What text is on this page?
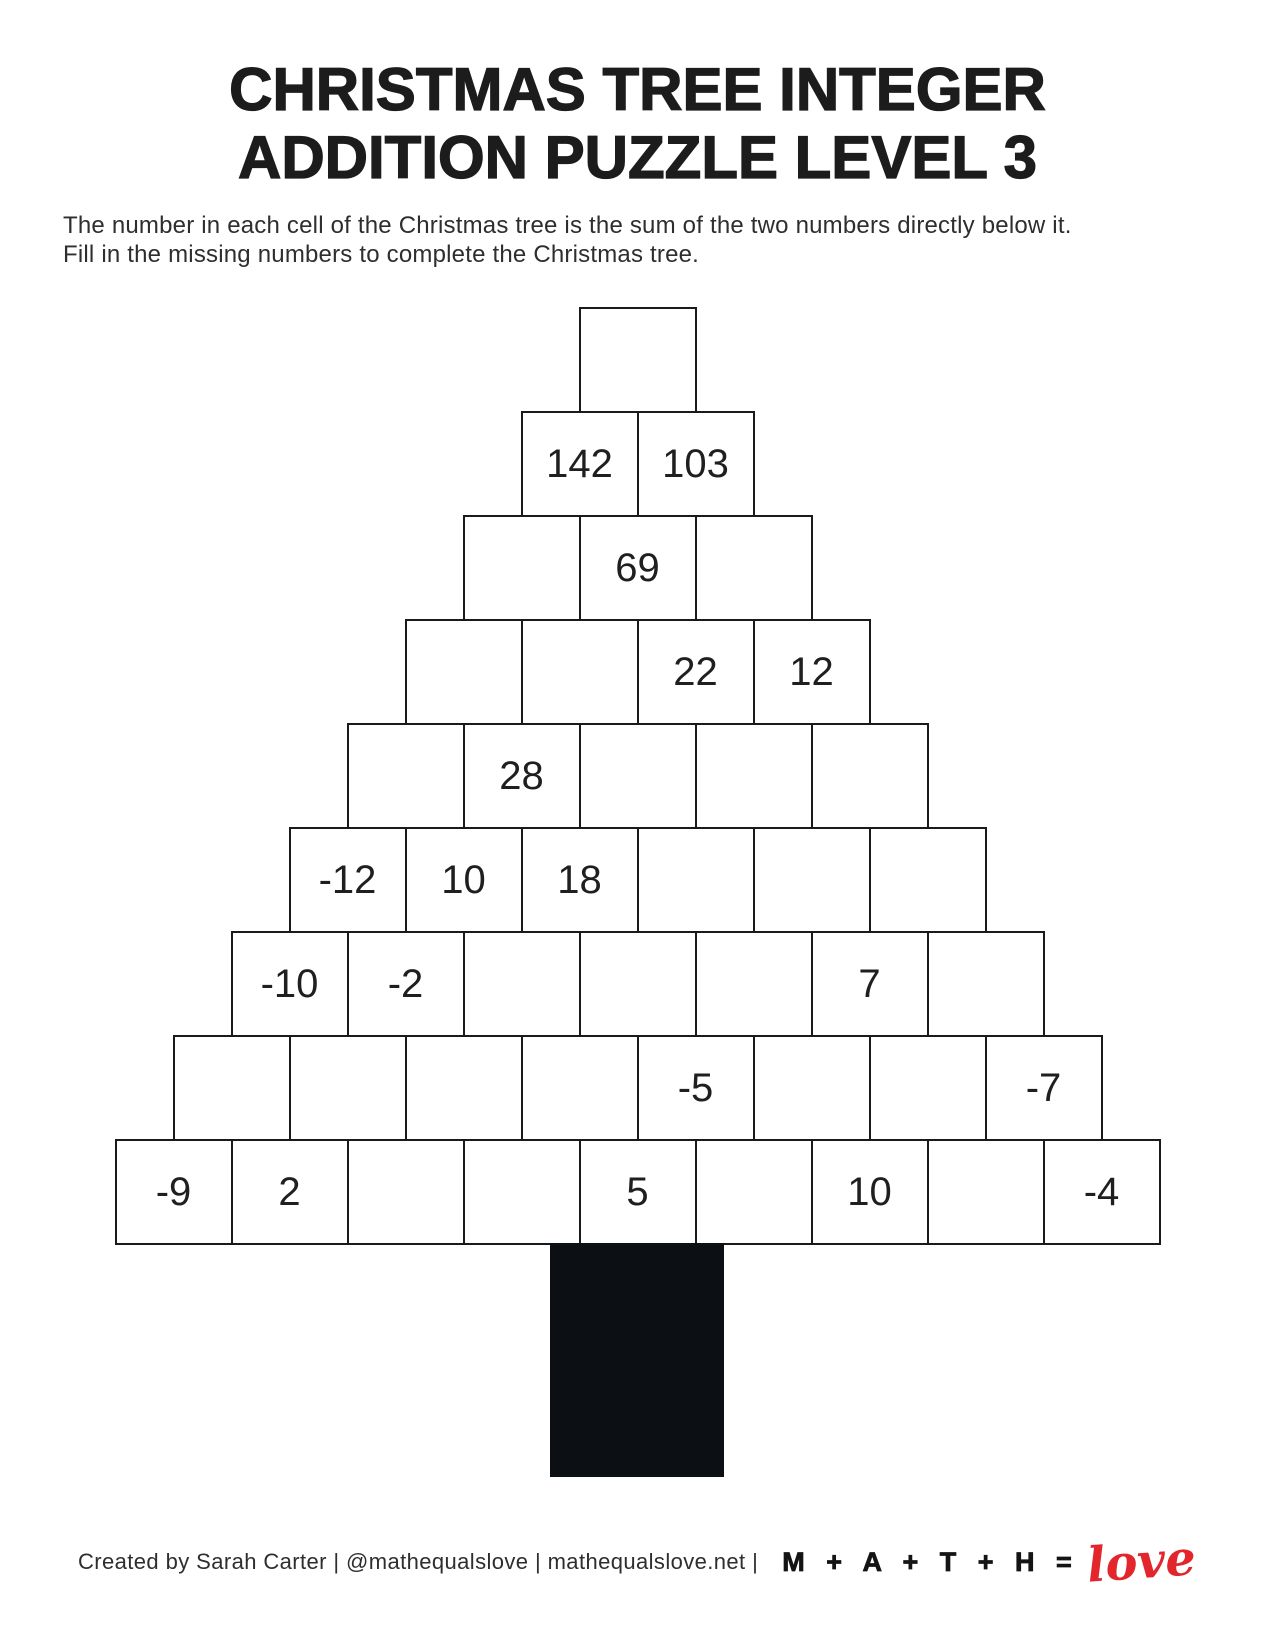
CHRISTMAS TREE INTEGER
ADDITION PUZZLE LEVEL 3
The number in each cell of the Christmas tree is the sum of the two numbers directly below it.
Fill in the missing numbers to complete the Christmas tree.
142	103
69
22	12
28
-12	10	18
-10	-2	7
-5	-7
-9	2	5	10	-4
Created by Sarah Carter | @mathequalslove | mathequalslove.net | M + A + T + H = love
